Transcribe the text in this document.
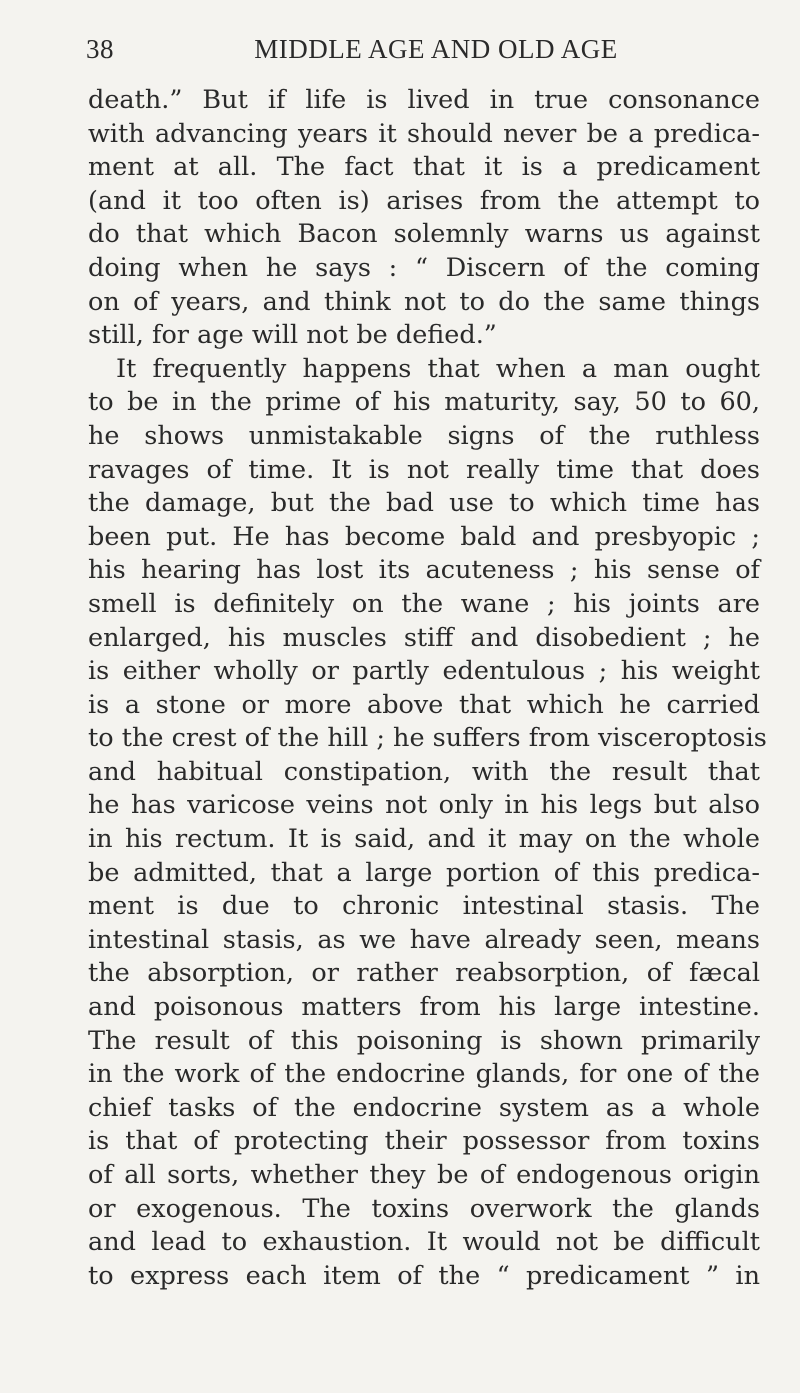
38	MIDDLE AGE AND OLD AGE
death.” But if life is lived in true consonance
with advancing years it should never be a predica-
ment at all. The fact that it is a predicament
(and it too often is) arises from the attempt to
do that which Bacon solemnly warns us against
doing when he says : “ Discern of the coming
on of years, and think not to do the same things
still, for age will not be defied.”
It frequently happens that when a man ought
to be in the prime of his maturity, say, 50 to 60,
he shows unmistakable signs of the ruthless
ravages of time. It is not really time that does
the damage, but the bad use to which time has
been put. He has become bald and presbyopic ;
his hearing has lost its acuteness ; his sense of
smell is definitely on the wane ; his joints are
enlarged, his muscles stiff and disobedient ; he
is either wholly or partly edentulous ; his weight
is a stone or more above that which he carried
to the crest of the hill ; he suffers from visceroptosis
and habitual constipation, with the result that
he has varicose veins not only in his legs but also
in his rectum. It is said, and it may on the whole
be admitted, that a large portion of this predica-
ment is due to chronic intestinal stasis. The
intestinal stasis, as we have already seen, means
the absorption, or rather reabsorption, of fæcal
and poisonous matters from his large intestine.
The result of this poisoning is shown primarily
in the work of the endocrine glands, for one of the
chief tasks of the endocrine system as a whole
is that of protecting their possessor from toxins
of all sorts, whether they be of endogenous origin
or exogenous. The toxins overwork the glands
and lead to exhaustion. It would not be difficult
to express each item of the “ predicament ” in
